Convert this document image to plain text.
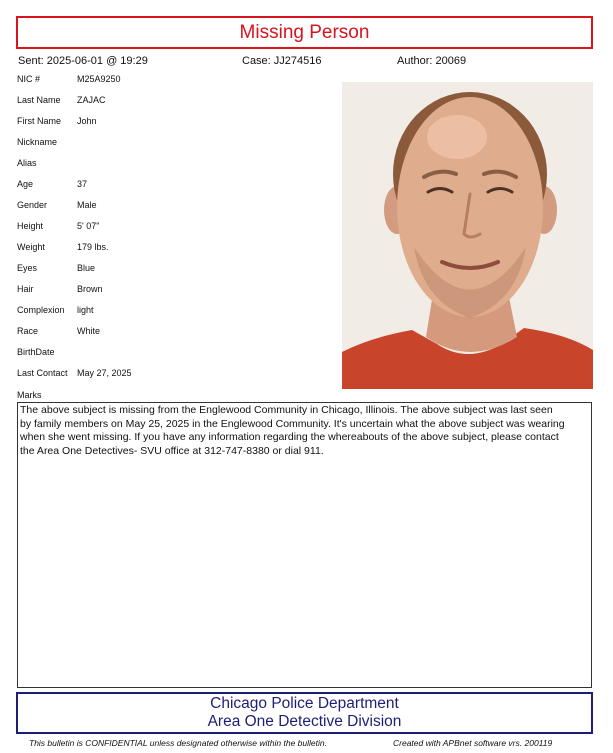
Missing Person
Sent: 2025-06-01 @ 19:29	Case: JJ274516	Author: 20069
NIC #	M25A9250
Last Name ZAJAC
First Name John
Nickname
Alias
Age	37
Gender	Male
Height	5' 07"
Weight	179 lbs.
Eyes	Blue
Hair	Brown
Complexion light
Race	White
BirthDate
Last Contact May 27, 2025
Marks
The above subject is missing from the Englewood Community in Chicago, Illinois. The above subject was last seen by family members on May 25, 2025 in the Englewood Community. It's uncertain what the above subject was wearing when she went missing. If you have any information regarding the whereabouts of the above subject, please contact the Area One Detectives- SVU office at 312-747-8380 or dial 911.
Chicago Police Department
Area One Detective Division
This bulletin is CONFIDENTIAL unless designated otherwise within the bulletin.	Created with APBnet software vrs. 200119
